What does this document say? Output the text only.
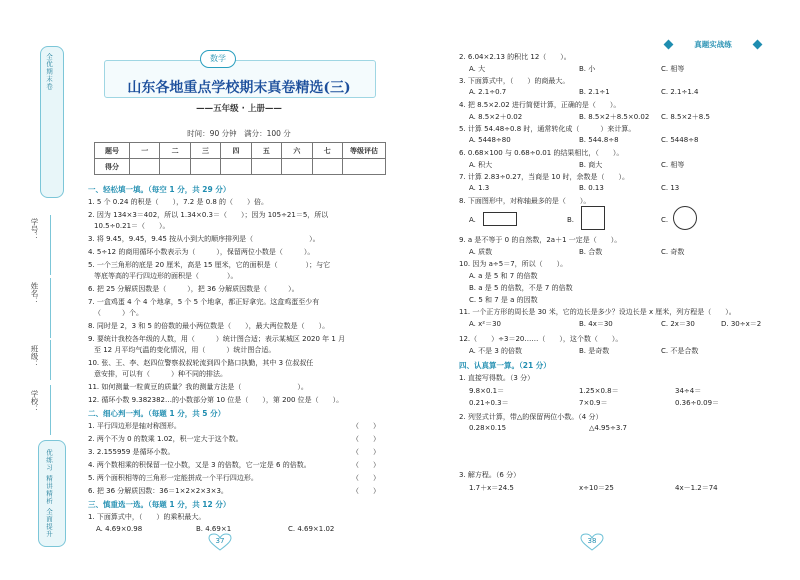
全优期末卷
学号：
姓名：
班级：
学校：
优练习 精讲精析 全面提升
数学
山东各地重点学校期末真卷精选(三)
——五年级 · 上册——
时间：90 分钟　满分：100 分
题号	一	二	三	四	五	六	七	等级评估
得分								
一、轻松填一填。（每空 1 分，共 29 分）
1. 5 个 0.24 的积是（　　），7.2 是 0.8 的（　　）倍。
2. 因为 134×3＝402，所以 1.34×0.3＝（　　）；因为 105÷21＝5，所以
10.5÷0.21＝（　　）。
3. 将 9.45，9.45̇，9.4̇5̇ 按从小到大的顺序排列是（　　　　　　　　）。
4. 5÷12 的商用循环小数表示为（　　　），保留两位小数是（　　　）。
5. 一个三角形的底是 20 厘米，高是 15 厘米，它的面积是（　　　　）；与它
等底等高的平行四边形的面积是（　　　　）。
6. 把 25 分解质因数是（　　　），把 36 分解质因数是（　　　）。
7. 一盒鸡蛋 4 个 4 个地拿，5 个 5 个地拿，都正好拿完。这盒鸡蛋至少有
（　　　）个。
8. 同时是 2，3 和 5 的倍数的最小两位数是（　　），最大两位数是（　　）。
9. 要统计我校各年级的人数，用（　　　）统计图合适；表示某城区 2020 年 1 月
至 12 月平均气温的变化情况，用（　　　）统计图合适。
10. 张、王、李、赵四位警察叔叔轮流到四个路口执勤，其中 3 位叔叔任
意安排，可以有（　　　）种不同的排法。
11. 如何测量一粒黄豆的质量？我的测量方法是（　　　　　　　　）。
12. 循环小数 9.382382…的小数部分第 10 位是（　　），第 200 位是（　　）。
二、细心判一判。（每题 1 分，共 5 分）
1. 平行四边形是轴对称图形。	（　　）
2. 两个不为 0 的数乘 1.02，积一定大于这个数。	（　　）
3. 2.155959 是循环小数。	（　　）
4. 两个数相乘的积保留一位小数，又是 3 的倍数，它一定是 6 的倍数。	（　　）
5. 两个面积相等的三角形一定能拼成一个平行四边形。	（　　）
6. 把 36 分解质因数：36＝1×2×2×3×3。	（　　）
三、慎重选一选。（每题 1 分，共 12 分）
1. 下面算式中，（　　）的乘积最大。
A. 4.69×0.98	B. 4.69×1	C. 4.69×1.02
37
真题实战练
2. 6.04×2.13 的积比 12（　　）。
A. 大	B. 小	C. 相等
3. 下面算式中，（　　）的商最大。
A. 2.1÷0.7	B. 2.1÷1	C. 2.1÷1.4
4. 把 8.5×2.02 进行简便计算，正确的是（　　）。
A. 8.5×2＋0.02	B. 8.5×2＋8.5×0.02 C. 8.5×2＋8.5
5. 计算 54.48÷0.8 时，通常转化成（　　　）来计算。
A. 5448÷80	B. 544.8÷8	C. 5448÷8
6. 0.68×100 与 0.68÷0.01 的结果相比，（　　）。
A. 积大	B. 商大	C. 相等
7. 计算 2.83÷0.27，当商是 10 时，余数是（　　）。
A. 1.3	B. 0.13	C. 13
8. 下面图形中，对称轴最多的是（　　）。
A.	B.	C.
9. a 是不等于 0 的自然数，2a＋1 一定是（　　）。
A. 质数	B. 合数	C. 奇数
10. 因为 a÷5＝7，所以（　　）。
A. a 是 5 和 7 的倍数
B. a 是 5 的倍数，不是 7 的倍数
C. 5 和 7 是 a 的因数
11. 一个正方形的周长是 30 米，它的边长是多少？设边长是 x 厘米，列方程是（　　）。
A. x²＝30	B. 4x＝30	C. 2x＝30	D. 30÷x＝2
12.（　　）÷3＝20……（　　），这个数（　　）。
A. 不是 3 的倍数	B. 是奇数	C. 不是合数
四、认真算一算。（21 分）
1. 直接写得数。（3 分）
9.8×0.1＝	1.25×0.8＝	34÷4＝
0.21÷0.3＝	7×0.9＝	0.36÷0.09＝
2. 列竖式计算，带△的保留两位小数。（4 分）
0.28×0.15	△4.95÷3.7
3. 解方程。（6 分）
1.7＋x＝24.5	x÷10＝25	4x－1.2＝74
38
